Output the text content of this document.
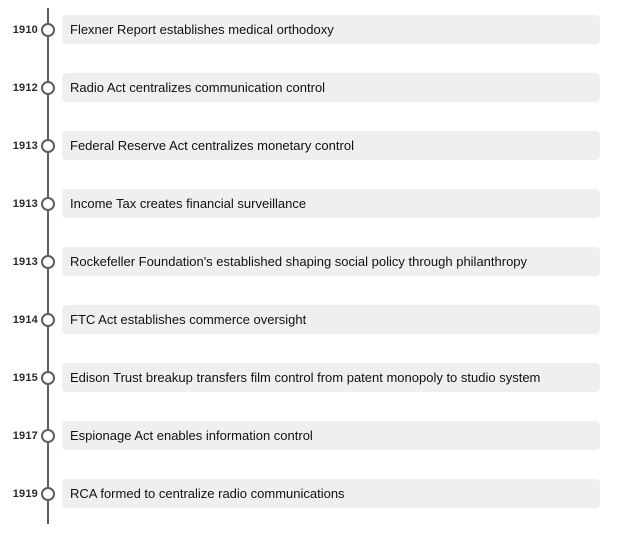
1910 Flexner Report establishes medical orthodoxy
1912 Radio Act centralizes communication control
1913 Federal Reserve Act centralizes monetary control
1913 Income Tax creates financial surveillance
1913 Rockefeller Foundation's established shaping social policy through philanthropy
1914 FTC Act establishes commerce oversight
1915 Edison Trust breakup transfers film control from patent monopoly to studio system
1917 Espionage Act enables information control
1919 RCA formed to centralize radio communications
